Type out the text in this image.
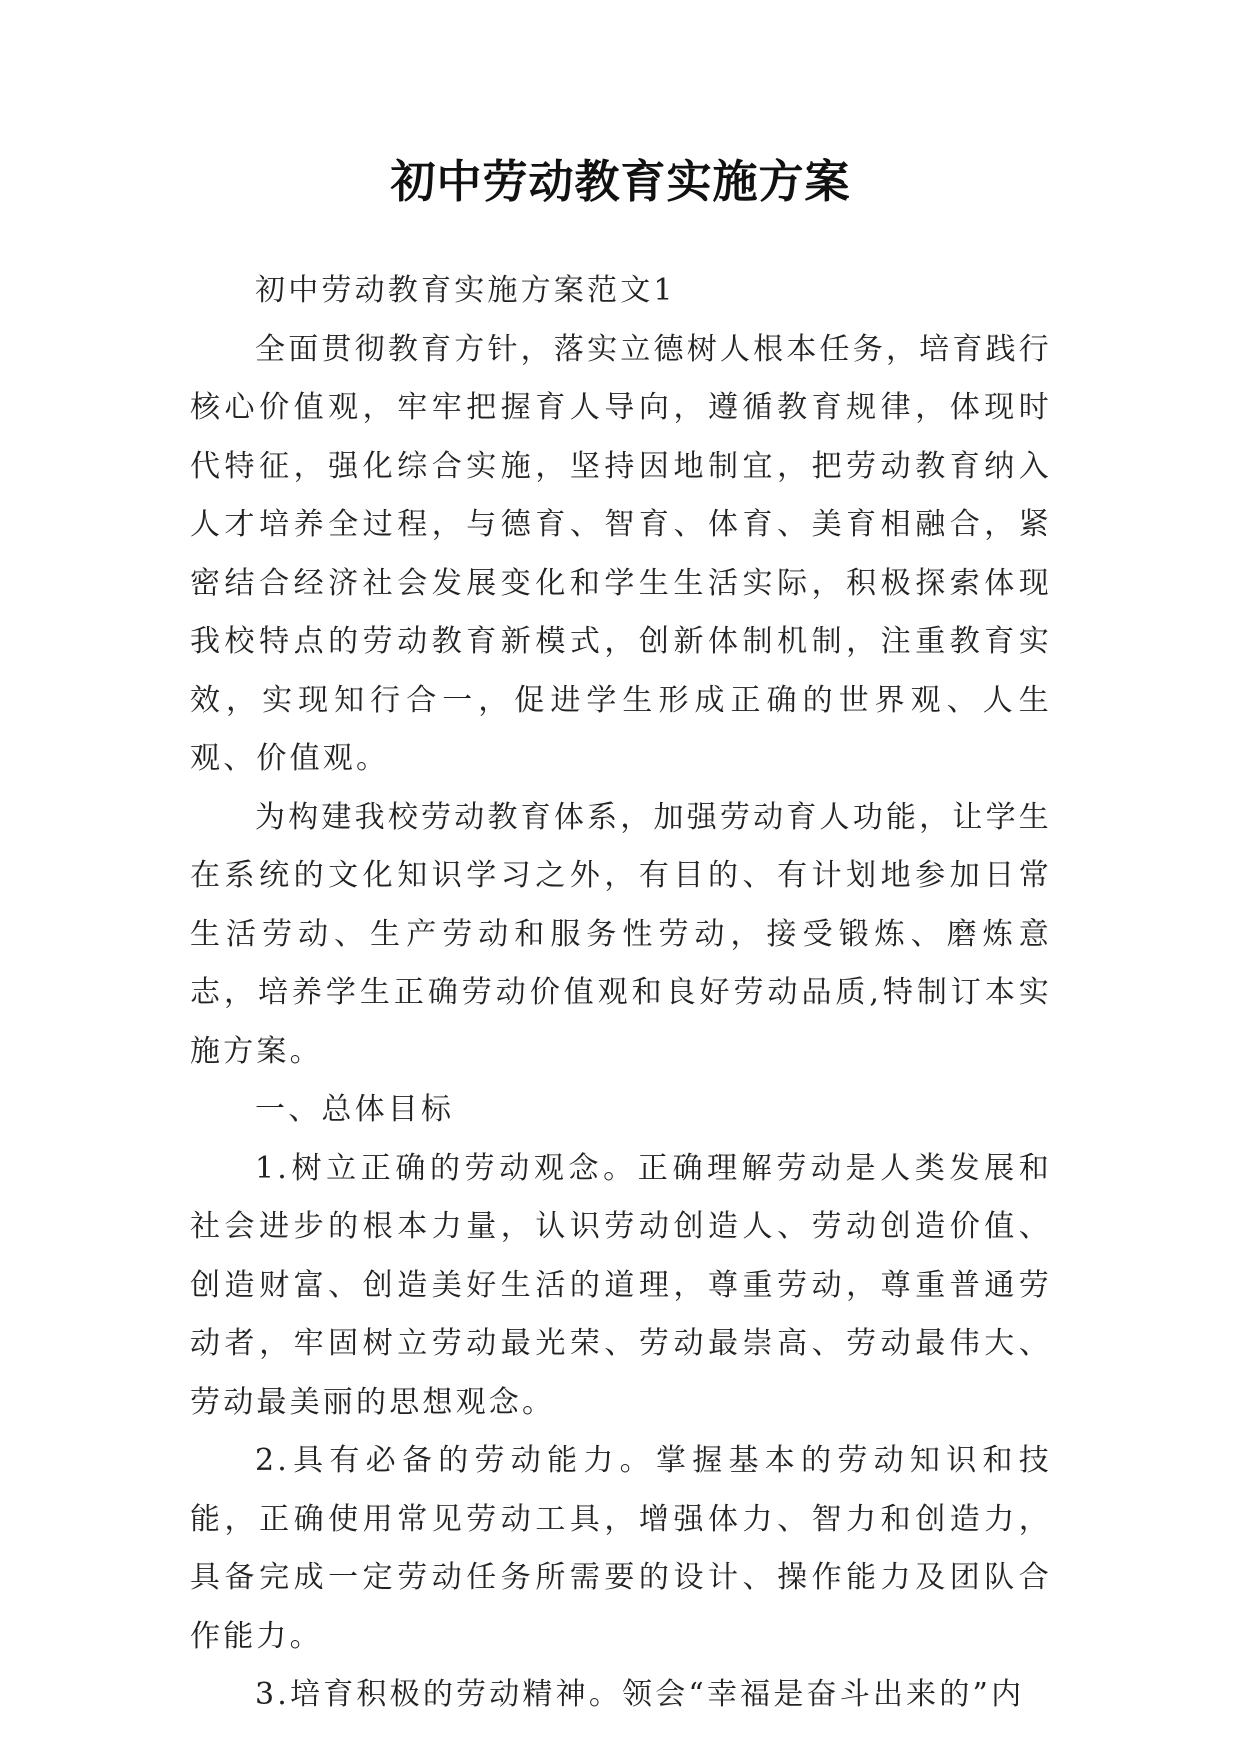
初中劳动教育实施方案

初中劳动教育实施方案范文1

全面贯彻教育方针，落实立德树人根本任务，培育践行核心价值观，牢牢把握育人导向，遵循教育规律，体现时代特征，强化综合实施，坚持因地制宜，把劳动教育纳入人才培养全过程，与德育、智育、体育、美育相融合，紧密结合经济社会发展变化和学生生活实际，积极探索体现我校特点的劳动教育新模式，创新体制机制，注重教育实效，实现知行合一，促进学生形成正确的世界观、人生观、价值观。

为构建我校劳动教育体系，加强劳动育人功能，让学生在系统的文化知识学习之外，有目的、有计划地参加日常生活劳动、生产劳动和服务性劳动，接受锻炼、磨炼意志，培养学生正确劳动价值观和良好劳动品质,特制订本实施方案。

一、总体目标

1.树立正确的劳动观念。正确理解劳动是人类发展和社会进步的根本力量，认识劳动创造人、劳动创造价值、创造财富、创造美好生活的道理，尊重劳动，尊重普通劳动者，牢固树立劳动最光荣、劳动最崇高、劳动最伟大、劳动最美丽的思想观念。

2.具有必备的劳动能力。掌握基本的劳动知识和技能，正确使用常见劳动工具，增强体力、智力和创造力，具备完成一定劳动任务所需要的设计、操作能力及团队合作能力。

3.培育积极的劳动精神。领会“幸福是奋斗出来的”内
